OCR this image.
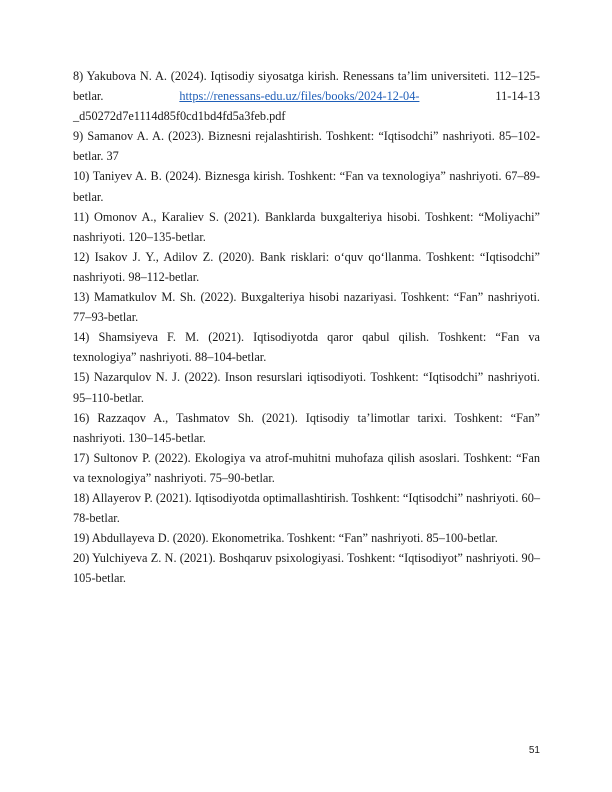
8) Yakubova N. A. (2024). Iqtisodiy siyosatga kirish. Renessans ta’lim universiteti. 112–125-betlar. https://renessans-edu.uz/files/books/2024-12-04- 11-14-13 _d50272d7e1114d85f0cd1bd4fd5a3feb.pdf

9) Samanov A. A. (2023). Biznesni rejalashtirish. Toshkent: “Iqtisodchi” nashriyoti. 85–102-betlar. 37

10) Taniyev A. B. (2024). Biznesga kirish. Toshkent: “Fan va texnologiya” nashriyoti. 67–89-betlar.

11) Omonov A., Karaliev S. (2021). Banklarda buxgalteriya hisobi. Toshkent: “Moliyachi” nashriyoti. 120–135-betlar.

12) Isakov J. Y., Adilov Z. (2020). Bank risklari: o‘quv qo‘llanma. Toshkent: “Iqtisodchi” nashriyoti. 98–112-betlar.

13) Mamatkulov M. Sh. (2022). Buxgalteriya hisobi nazariyasi. Toshkent: “Fan” nashriyoti. 77–93-betlar.

14) Shamsiyeva F. M. (2021). Iqtisodiyotda qaror qabul qilish. Toshkent: “Fan va texnologiya” nashriyoti. 88–104-betlar.

15) Nazarqulov N. J. (2022). Inson resurslari iqtisodiyoti. Toshkent: “Iqtisodchi” nashriyoti. 95–110-betlar.

16) Razzaqov A., Tashmatov Sh. (2021). Iqtisodiy ta’limotlar tarixi. Toshkent: “Fan” nashriyoti. 130–145-betlar.

17) Sultonov P. (2022). Ekologiya va atrof-muhitni muhofaza qilish asoslari. Toshkent: “Fan va texnologiya” nashriyoti. 75–90-betlar.

18) Allayerov P. (2021). Iqtisodiyotda optimallashtirish. Toshkent: “Iqtisodchi” nashriyoti. 60–78-betlar.

19) Abdullayeva D. (2020). Ekonometrika. Toshkent: “Fan” nashriyoti. 85–100-betlar.

20) Yulchiyeva Z. N. (2021). Boshqaruv psixologiyasi. Toshkent: “Iqtisodiyot” nashriyoti. 90–105-betlar.

51
